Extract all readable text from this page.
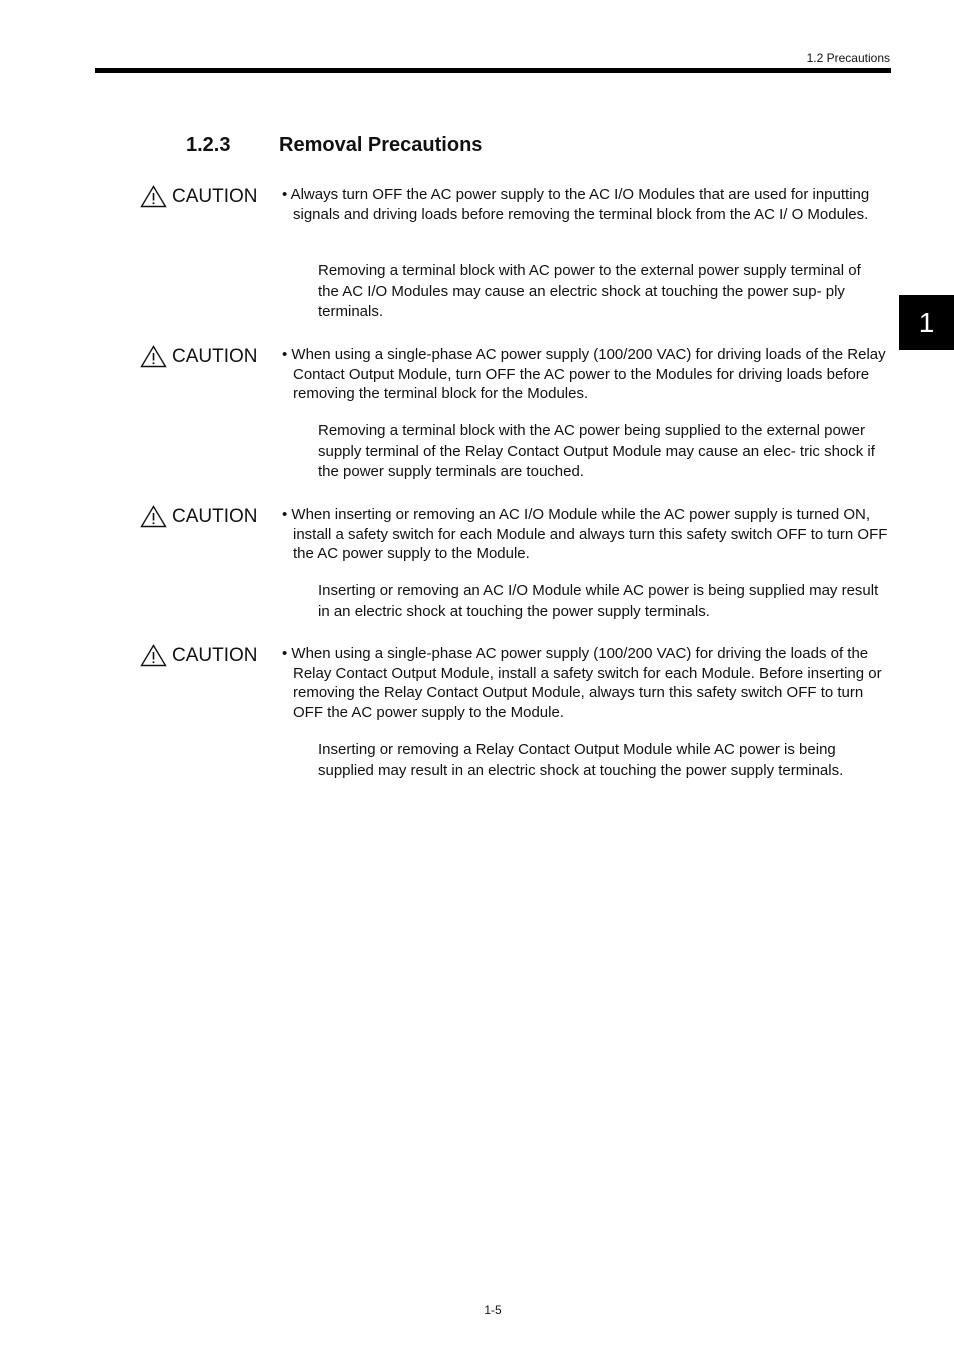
1.2 Precautions
1
1.2.3 Removal Precautions
CAUTION • Always turn OFF the AC power supply to the AC I/O Modules that are used for inputting signals and driving loads before removing the terminal block from the AC I/ O Modules.

Removing a terminal block with AC power to the external power supply terminal of the AC I/O Modules may cause an electric shock at touching the power sup- ply terminals.

CAUTION • When using a single-phase AC power supply (100/200 VAC) for driving loads of the Relay Contact Output Module, turn OFF the AC power to the Modules for driving loads before removing the terminal block for the Modules.

Removing a terminal block with the AC power being supplied to the external power supply terminal of the Relay Contact Output Module may cause an elec- tric shock if the power supply terminals are touched.

CAUTION • When inserting or removing an AC I/O Module while the AC power supply is turned ON, install a safety switch for each Module and always turn this safety switch OFF to turn OFF the AC power supply to the Module.

Inserting or removing an AC I/O Module while AC power is being supplied may result in an electric shock at touching the power supply terminals.

CAUTION • When using a single-phase AC power supply (100/200 VAC) for driving the loads of the Relay Contact Output Module, install a safety switch for each Module. Before inserting or removing the Relay Contact Output Module, always turn this safety switch OFF to turn OFF the AC power supply to the Module.

Inserting or removing a Relay Contact Output Module while AC power is being supplied may result in an electric shock at touching the power supply terminals.

1-5
